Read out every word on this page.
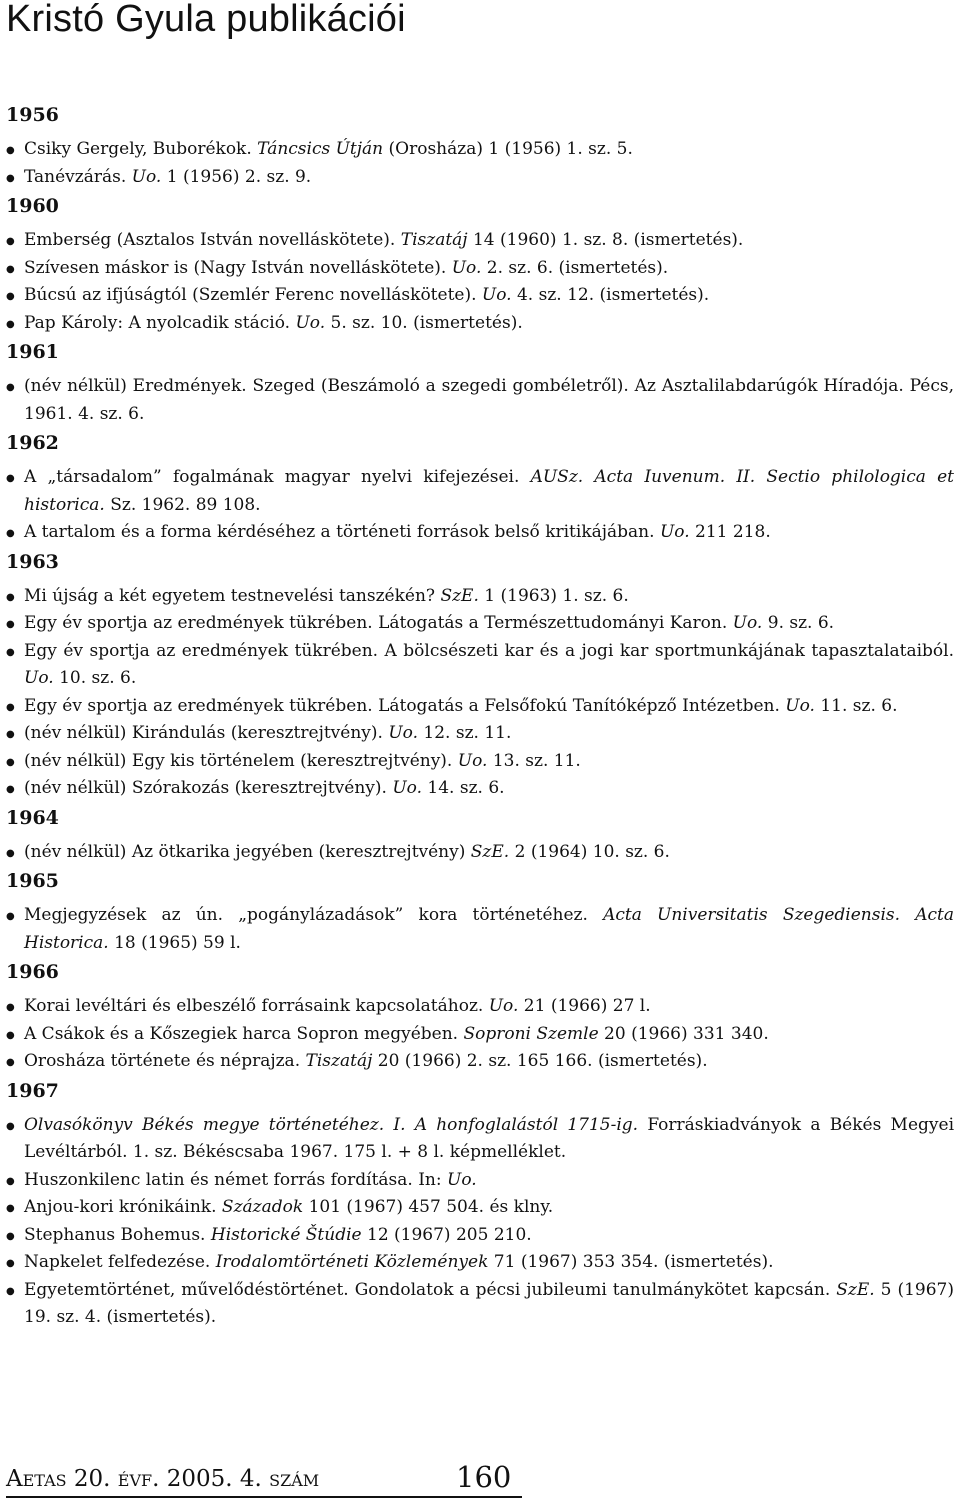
Kristó Gyula publikációi
1956
● Csiky Gergely, Buborékok. Táncsics Útján (Orosháza) 1 (1956) 1. sz. 5.
● Tanévzárás. Uo. 1 (1956) 2. sz. 9.
1960
● Emberség (Asztalos István novelláskötete). Tiszatáj 14 (1960) 1. sz. 8. (ismertetés).
● Szívesen máskor is (Nagy István novelláskötete). Uo. 2. sz. 6. (ismertetés).
● Búcsú az ifjúságtól (Szemlér Ferenc novelláskötete). Uo. 4. sz. 12. (ismertetés).
● Pap Károly: A nyolcadik stáció. Uo. 5. sz. 10. (ismertetés).
1961
● (név nélkül) Eredmények. Szeged (Beszámoló a szegedi gombéletről). Az Asztalilabdarúgók Híradója. Pécs, 1961. 4. sz. 6.
1962
● A „társadalom” fogalmának magyar nyelvi kifejezései. AUSz. Acta Iuvenum. II. Sectio philologica et historica. Sz. 1962. 89 108.
● A tartalom és a forma kérdéséhez a történeti források belső kritikájában. Uo. 211 218.
1963
● Mi újság a két egyetem testnevelési tanszékén? SzE. 1 (1963) 1. sz. 6.
● Egy év sportja az eredmények tükrében. Látogatás a Természettudományi Karon. Uo. 9. sz. 6.
● Egy év sportja az eredmények tükrében. A bölcsészeti kar és a jogi kar sportmunkájának tapasztalataiból. Uo. 10. sz. 6.
● Egy év sportja az eredmények tükrében. Látogatás a Felsőfokú Tanítóképző Intézetben. Uo. 11. sz. 6.
● (név nélkül) Kirándulás (keresztrejtvény). Uo. 12. sz. 11.
● (név nélkül) Egy kis történelem (keresztrejtvény). Uo. 13. sz. 11.
● (név nélkül) Szórakozás (keresztrejtvény). Uo. 14. sz. 6.
1964
● (név nélkül) Az ötkarika jegyében (keresztrejtvény) SzE. 2 (1964) 10. sz. 6.
1965
● Megjegyzések az ún. „pogánylázadások” kora történetéhez. Acta Universitatis Szegediensis. Acta Historica. 18 (1965) 59 l.
1966
● Korai levéltári és elbeszélő forrásaink kapcsolatához. Uo. 21 (1966) 27 l.
● A Csákok és a Kőszegiek harca Sopron megyében. Soproni Szemle 20 (1966) 331 340.
● Orosháza története és néprajza. Tiszatáj 20 (1966) 2. sz. 165 166. (ismertetés).
1967
● Olvasókönyv Békés megye történetéhez. I. A honfoglalástól 1715-ig. Forráskiadványok a Békés Megyei Levéltárból. 1. sz. Békéscsaba 1967. 175 l. + 8 l. képmelléklet.
● Huszonkilenc latin és német forrás fordítása. In: Uo.
● Anjou-kori krónikáink. Századok 101 (1967) 457 504. és klny.
● Stephanus Bohemus. Historické Štúdie 12 (1967) 205 210.
● Napkelet felfedezése. Irodalomtörténeti Közlemények 71 (1967) 353 354. (ismertetés).
● Egyetemtörténet, művelődéstörténet. Gondolatok a pécsi jubileumi tanulmánykötet kapcsán. SzE. 5 (1967) 19. sz. 4. (ismertetés).
Aetas 20. évf. 2005. 4. szám	160
